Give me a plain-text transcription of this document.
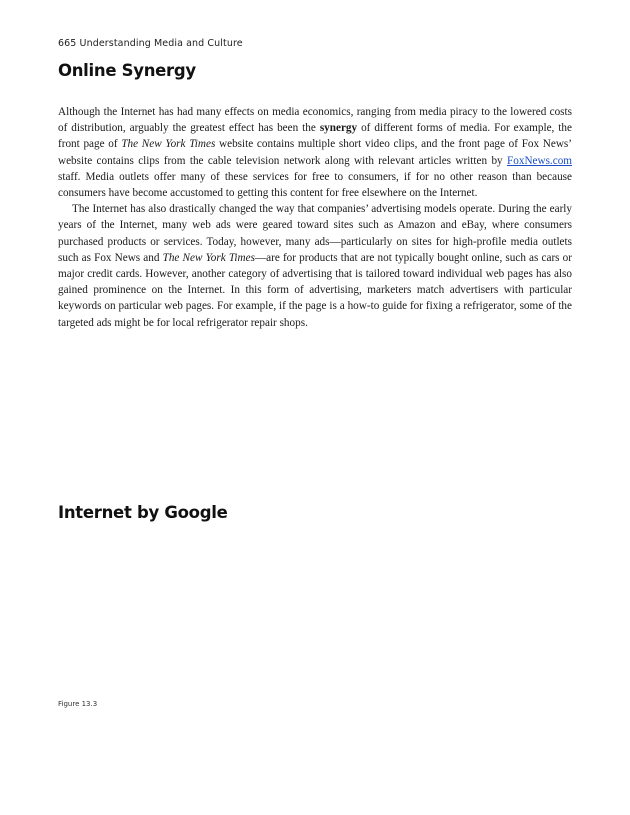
665 Understanding Media and Culture
Online Synergy

Although the Internet has had many effects on media economics, ranging from media piracy to the lowered costs of distribution, arguably the greatest effect has been the synergy of different forms of media. For example, the front page of The New York Times website contains multiple short video clips, and the front page of Fox News’ website contains clips from the cable television network along with relevant articles written by FoxNews.com staff. Media outlets offer many of these services for free to consumers, if for no other reason than because consumers have become accustomed to getting this content for free elsewhere on the Internet.

The Internet has also drastically changed the way that companies’ advertising models operate. During the early years of the Internet, many web ads were geared toward sites such as Amazon and eBay, where consumers purchased products or services. Today, however, many ads—particularly on sites for high-profile media outlets such as Fox News and The New York Times—are for products that are not typically bought online, such as cars or major credit cards. However, another category of advertising that is tailored toward individual web pages has also gained prominence on the Internet. In this form of advertising, marketers match advertisers with particular keywords on particular web pages. For example, if the page is a how-to guide for fixing a refrigerator, some of the targeted ads might be for local refrigerator repair shops.

Internet by Google
Figure 13.3
